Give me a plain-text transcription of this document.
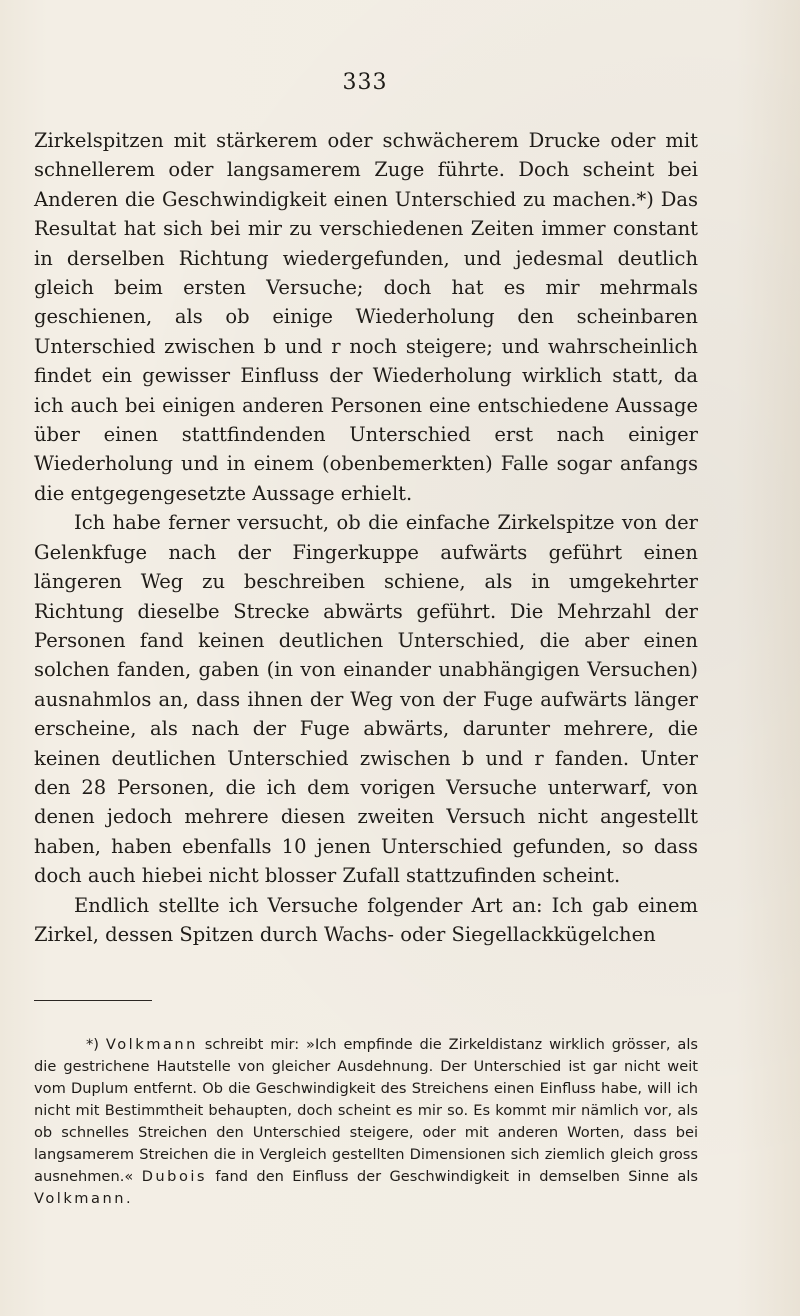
333

Zirkelspitzen mit stärkerem oder schwächerem Drucke oder mit schnellerem oder langsamerem Zuge führte. Doch scheint bei Anderen die Geschwindigkeit einen Unterschied zu machen.*) Das Resultat hat sich bei mir zu verschiedenen Zeiten immer constant in derselben Richtung wiedergefunden, und jedesmal deutlich gleich beim ersten Versuche; doch hat es mir mehrmals geschienen, als ob einige Wiederholung den scheinbaren Unterschied zwischen b und r noch steigere; und wahrscheinlich findet ein gewisser Einfluss der Wiederholung wirklich statt, da ich auch bei einigen anderen Personen eine entschiedene Aussage über einen stattfindenden Unterschied erst nach einiger Wiederholung und in einem (obenbemerkten) Falle sogar anfangs die entgegengesetzte Aussage erhielt.

Ich habe ferner versucht, ob die einfache Zirkelspitze von der Gelenkfuge nach der Fingerkuppe aufwärts geführt einen längeren Weg zu beschreiben schiene, als in umgekehrter Richtung dieselbe Strecke abwärts geführt. Die Mehrzahl der Personen fand keinen deutlichen Unterschied, die aber einen solchen fanden, gaben (in von einander unabhängigen Versuchen) ausnahmlos an, dass ihnen der Weg von der Fuge aufwärts länger erscheine, als nach der Fuge abwärts, darunter mehrere, die keinen deutlichen Unterschied zwischen b und r fanden. Unter den 28 Personen, die ich dem vorigen Versuche unterwarf, von denen jedoch mehrere diesen zweiten Versuch nicht angestellt haben, haben ebenfalls 10 jenen Unterschied gefunden, so dass doch auch hiebei nicht blosser Zufall stattzufinden scheint.

Endlich stellte ich Versuche folgender Art an: Ich gab einem Zirkel, dessen Spitzen durch Wachs- oder Siegellackkügelchen

*) Volkmann schreibt mir: »Ich empfinde die Zirkeldistanz wirklich grösser, als die gestrichene Hautstelle von gleicher Ausdehnung. Der Unterschied ist gar nicht weit vom Duplum entfernt. Ob die Geschwindigkeit des Streichens einen Einfluss habe, will ich nicht mit Bestimmtheit behaupten, doch scheint es mir so. Es kommt mir nämlich vor, als ob schnelles Streichen den Unterschied steigere, oder mit anderen Worten, dass bei langsamerem Streichen die in Vergleich gestellten Dimensionen sich ziemlich gleich gross ausnehmen.« Dubois fand den Einfluss der Geschwindigkeit in demselben Sinne als Volkmann.
